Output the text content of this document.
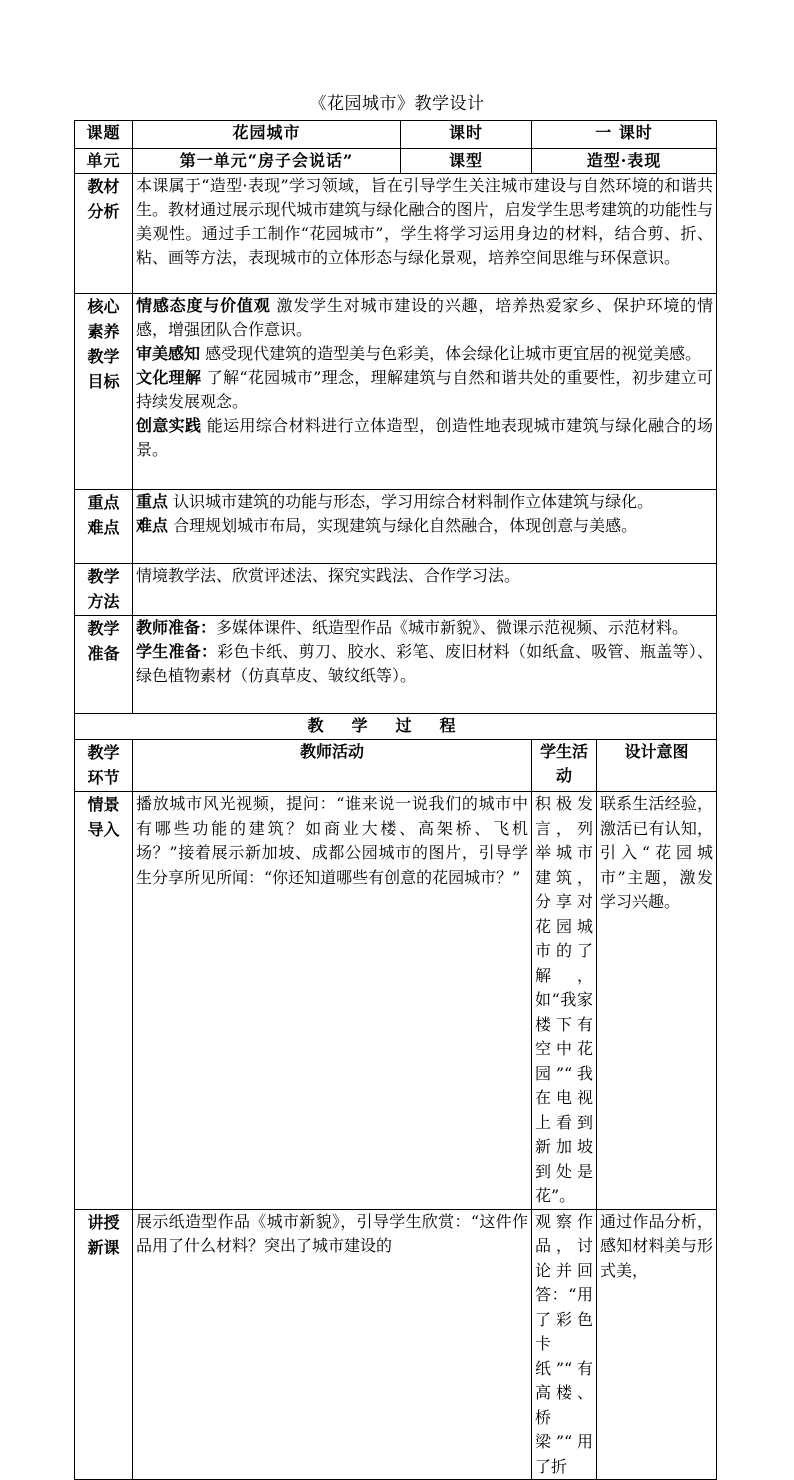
《花园城市》教学设计
课题	花园城市	课时	一 课时	
单元	第一单元“房子会说话”	课型	造型·表现	

教材
分析	本课属于“造型·表现”学习领域，旨在引导学生关注城市建设与自然环境的和谐共生。教材通过展示现代城市建筑与绿化融合的图片，启发学生思考建筑的功能性与美观性。通过手工制作“花园城市”，学生将学习运用身边的材料，结合剪、折、粘、画等方法，表现城市的立体形态与绿化景观，培养空间思维与环保意识。			

核心
素养
教学
目标	情感态度与价值观 激发学生对城市建设的兴趣，培养热爱家乡、保护环境的情感，增强团队合作意识。
审美感知 感受现代建筑的造型美与色彩美，体会绿化让城市更宜居的视觉美感。
文化理解 了解“花园城市”理念，理解建筑与自然和谐共处的重要性，初步建立可持续发展观念。
创意实践 能运用综合材料进行立体造型，创造性地表现城市建筑与绿化融合的场景。			

重点
难点	重点 认识城市建筑的功能与形态，学习用综合材料制作立体建筑与绿化。
难点 合理规划城市布局，实现建筑与绿化自然融合，体现创意与美感。			

教学
方法	情境教学法、欣赏评述法、探究实践法、合作学习法。			

教学
准备	教师准备：多媒体课件、纸造型作品《城市新貌》、微课示范视频、示范材料。
学生准备：彩色卡纸、剪刀、胶水、彩笔、废旧材料（如纸盒、吸管、瓶盖等）、绿色植物素材（仿真草皮、皱纹纸等）。			

教学过程				

教学
环节	教师活动		学生活动	设计意图

情景
导入	播放城市风光视频，提问：“谁来说一说我们的城市中有哪些功能的建筑？如商业大楼、高架桥、飞机场？”接着展示新加坡、成都公园城市的图片，引导学生分享所见所闻：“你还知道哪些有创意的花园城市？”		积极发言，列举城市建筑，分享对花园城市的了解，如“我家楼下有空中花园”“我在电视上看到新加坡到处是花”。	联系生活经验，激活已有认知，引入“花园城市”主题，激发学习兴趣。

讲授
新课	展示纸造型作品《城市新貌》，引导学生欣赏：“这件作品用了什么材料？突出了城市建设的		观察作品，讨论并回答：“用了彩色卡纸”“有高楼、桥梁”“用了折	通过作品分析，感知材料美与形式美，
